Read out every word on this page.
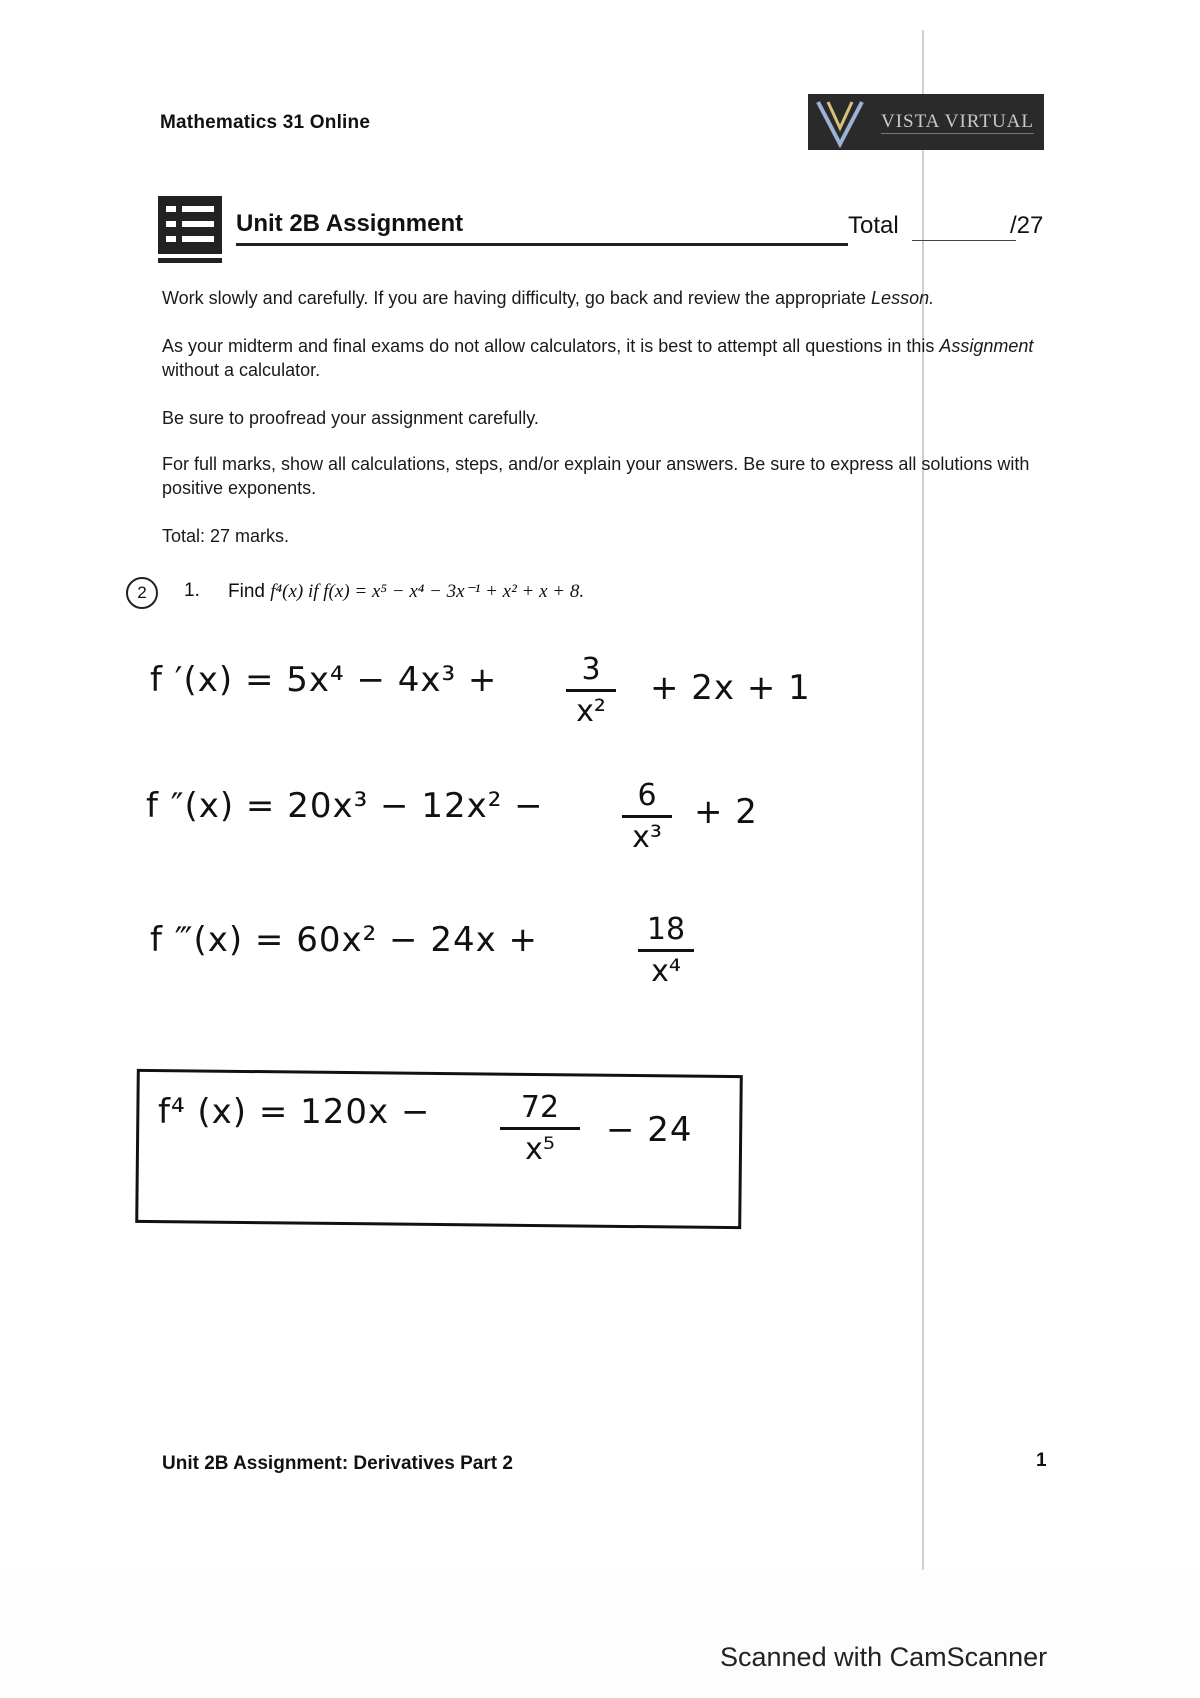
Mathematics 31 Online	VISTA VIRTUAL
Unit 2B Assignment	Total	/27
Work slowly and carefully. If you are having difficulty, go back and review the appropriate Lesson.
As your midterm and final exams do not allow calculators, it is best to attempt all questions in this Assignment without a calculator.
Be sure to proofread your assignment carefully.
For full marks, show all calculations, steps, and/or explain your answers. Be sure to express all solutions with positive exponents.
Total: 27 marks.
2	1. Find f⁴(x) if f(x) = x⁵ − x⁴ − 3x⁻¹ + x² + x + 8.
f ′(x) = 5x⁴ − 4x³ +	3
x²
+ 2x + 1
f ″(x) = 20x³ − 12x² −	6
x³
+ 2
f ‴(x) = 60x² − 24x +	18
x⁴
f⁴ (x) = 120x −	72
x⁵	− 24
Unit 2B Assignment: Derivatives Part 2	1
Scanned with CamScanner
